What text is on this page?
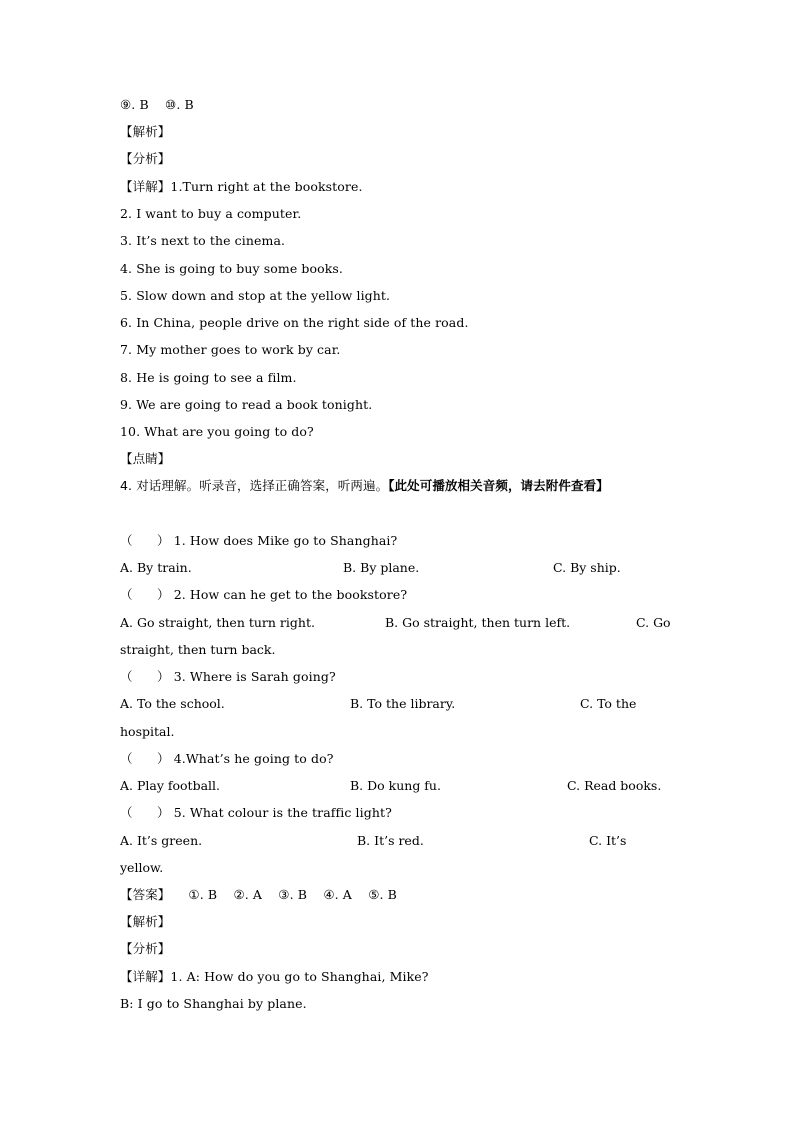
⑨. B    ⑩. B
【解析】
【分析】
【详解】1.Turn right at the bookstore.
2. I want to buy a computer.
3. It’s next to the cinema.
4. She is going to buy some books.
5. Slow down and stop at the yellow light.
6. In China, people drive on the right side of the road.
7. My mother goes to work by car.
8. He is going to see a film.
9. We are going to read a book tonight.
10. What are you going to do?
【点睛】
4. 对话理解。听录音，选择正确答案，听两遍。【此处可播放相关音频，请去附件查看】
（      ） 1. How does Mike go to Shanghai?
A. By train.	B. By plane.	C. By ship.
（      ） 2. How can he get to the bookstore?
A. Go straight, then turn right.	B. Go straight, then turn left.	C. Go
straight, then turn back.
（      ） 3. Where is Sarah going?
A. To the school.	B. To the library.	C. To the
hospital.
（      ） 4.What’s he going to do?
A. Play football.	B. Do kung fu.	C. Read books.
（      ） 5. What colour is the traffic light?
A. It’s green.	B. It’s red.	C. It’s
yellow.
【答案】 ①. B    ②. A    ③. B    ④. A    ⑤. B
【解析】
【分析】
【详解】1. A: How do you go to Shanghai, Mike?
B: I go to Shanghai by plane.
